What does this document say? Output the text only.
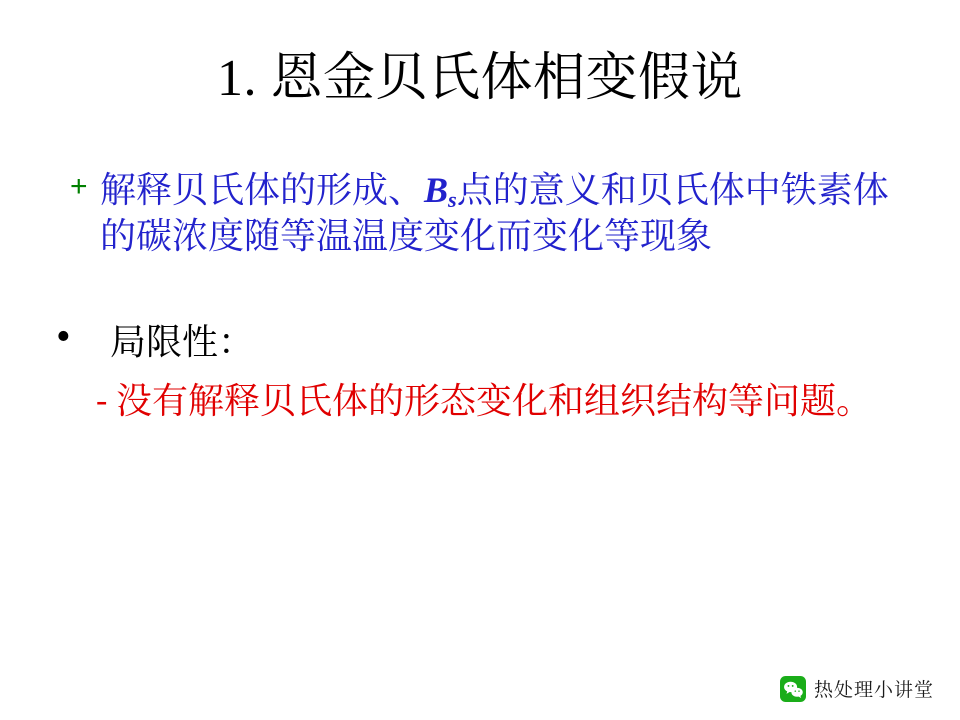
1. 恩金贝氏体相变假说
+ 解释贝氏体的形成、$B_s$点的意义和贝氏体中铁素体的碳浓度随等温温度变化而变化等现象
• 局限性：
- 没有解释贝氏体的形态变化和组织结构等问题。
热处理小讲堂
